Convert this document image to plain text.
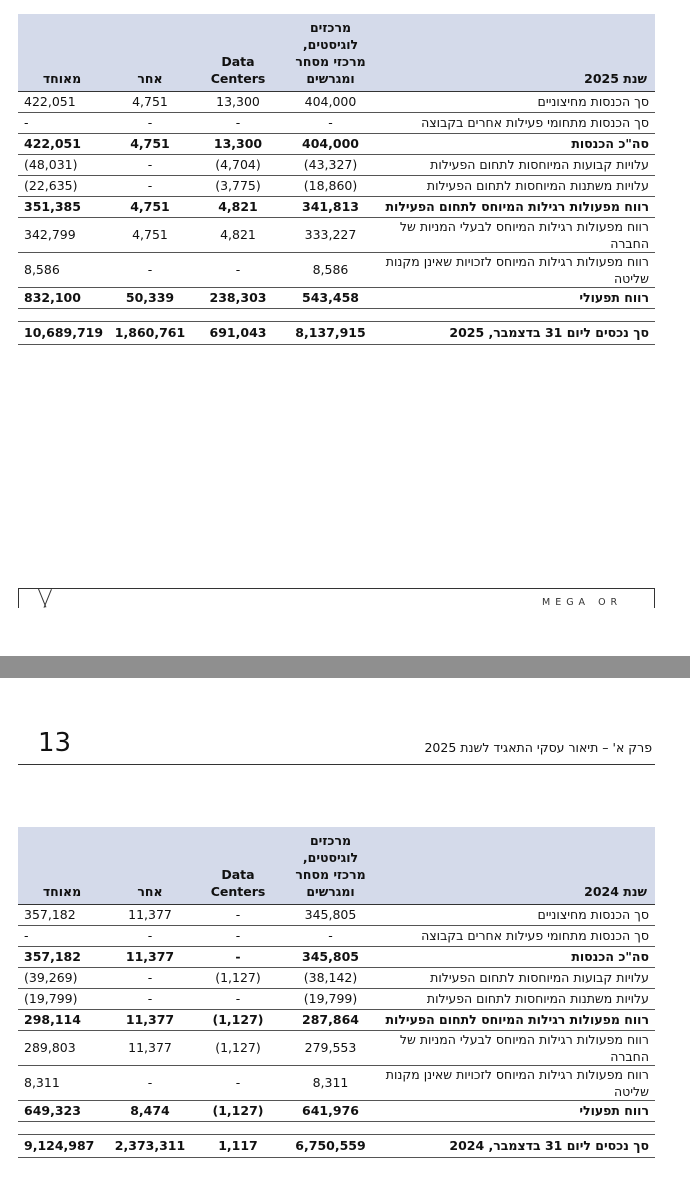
מאוחד	אחר	Data Centers	מרכזים לוגיסטים, מרכזי מסחר ומגרשים	שנת 2025
422,051	4,751	13,300	404,000	סך הכנסות מחיצוניים
-	-	-	-	סך הכנסות מתחומי פעילות אחרים בקבוצה
422,051	4,751	13,300	404,000	סה"כ הכנסות
(48,031)	-	(4,704)	(43,327)	עלויות קבועות המיוחסות לתחום הפעילות
(22,635)	-	(3,775)	(18,860)	עלויות משתנות המיוחסות לתחום הפעילות
351,385	4,751	4,821	341,813	רווח מפעולות רגילות המיוחס לתחום הפעילות
342,799	4,751	4,821	333,227	רווח מפעולות רגילות המיוחס לבעלי המניות של החברה
8,586	-	-	8,586	רווח מפעולות רגילות המיוחס לזכויות שאינן מקנות שליטה
832,100	50,339	238,303	543,458	רווח תפעולי

10,689,719	1,860,761	691,043	8,137,915	סך נכסים ליום 31 בדצמבר, 2025
MEGA OR
13	פרק א' – תיאור עסקי התאגיד לשנת 2025
מאוחד	אחר	Data Centers	מרכזים לוגיסטים, מרכזי מסחר ומגרשים	שנת 2024
357,182	11,377	-	345,805	סך הכנסות מחיצוניים
-	-	-	-	סך הכנסות מתחומי פעילות אחרים בקבוצה
357,182	11,377	-	345,805	סה"כ הכנסות
(39,269)	-	(1,127)	(38,142)	עלויות קבועות המיוחסות לתחום הפעילות
(19,799)	-	-	(19,799)	עלויות משתנות המיוחסות לתחום הפעילות
298,114	11,377	(1,127)	287,864	רווח מפעולות רגילות המיוחס לתחום הפעילות
289,803	11,377	(1,127)	279,553	רווח מפעולות רגילות המיוחס לבעלי המניות של החברה
8,311	-	-	8,311	רווח מפעולות רגילות המיוחס לזכויות שאינן מקנות שליטה
649,323	8,474	(1,127)	641,976	רווח תפעולי

9,124,987	2,373,311	1,117	6,750,559	סך נכסים ליום 31 בדצמבר, 2024
